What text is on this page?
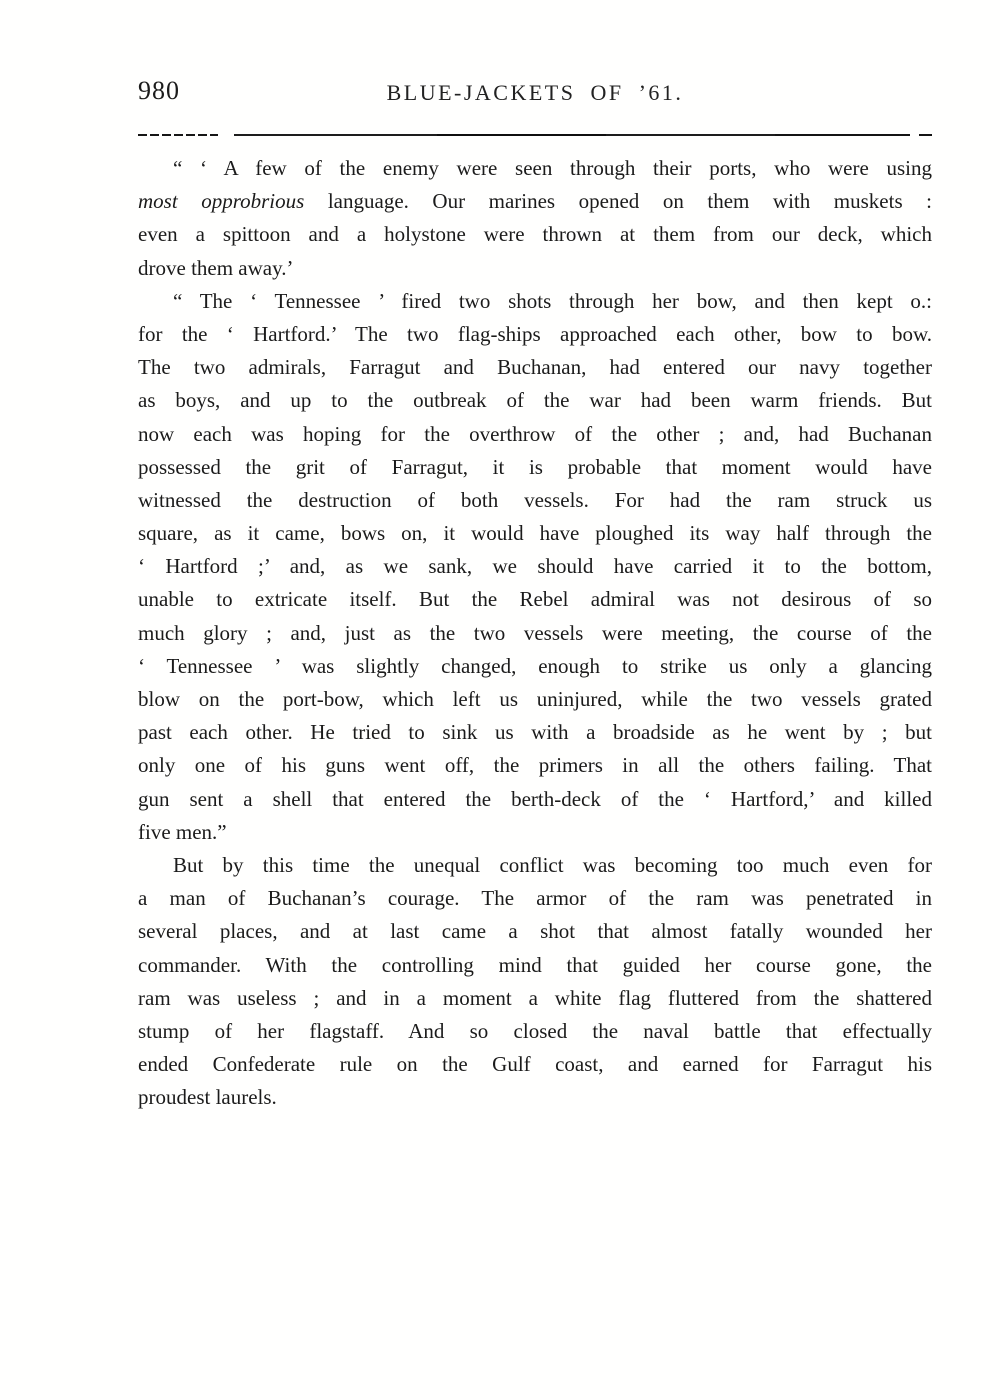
980	BLUE-JACKETS OF ’61.
“ ‘ A few of the enemy were seen through their ports, who were using
most opprobrious language. Our marines opened on them with muskets :
even a spittoon and a holystone were thrown at them from our deck, which
drove them away.’
“ The ‘ Tennessee ’ fired two shots through her bow, and then kept o.:
for the ‘ Hartford.’ The two flag-ships approached each other, bow to bow.
The two admirals, Farragut and Buchanan, had entered our navy together
as boys, and up to the outbreak of the war had been warm friends. But
now each was hoping for the overthrow of the other ; and, had Buchanan
possessed the grit of Farragut, it is probable that moment would have
witnessed the destruction of both vessels. For had the ram struck us
square, as it came, bows on, it would have ploughed its way half through the
‘ Hartford ;’ and, as we sank, we should have carried it to the bottom,
unable to extricate itself. But the Rebel admiral was not desirous of so
much glory ; and, just as the two vessels were meeting, the course of the
‘ Tennessee ’ was slightly changed, enough to strike us only a glancing
blow on the port-bow, which left us uninjured, while the two vessels grated
past each other. He tried to sink us with a broadside as he went by ; but
only one of his guns went off, the primers in all the others failing. That
gun sent a shell that entered the berth-deck of the ‘ Hartford,’ and killed
five men.”
But by this time the unequal conflict was becoming too much even for
a man of Buchanan’s courage. The armor of the ram was penetrated in
several places, and at last came a shot that almost fatally wounded her
commander. With the controlling mind that guided her course gone, the
ram was useless ; and in a moment a white flag fluttered from the shattered
stump of her flagstaff. And so closed the naval battle that effectually
ended Confederate rule on the Gulf coast, and earned for Farragut his
proudest laurels.
